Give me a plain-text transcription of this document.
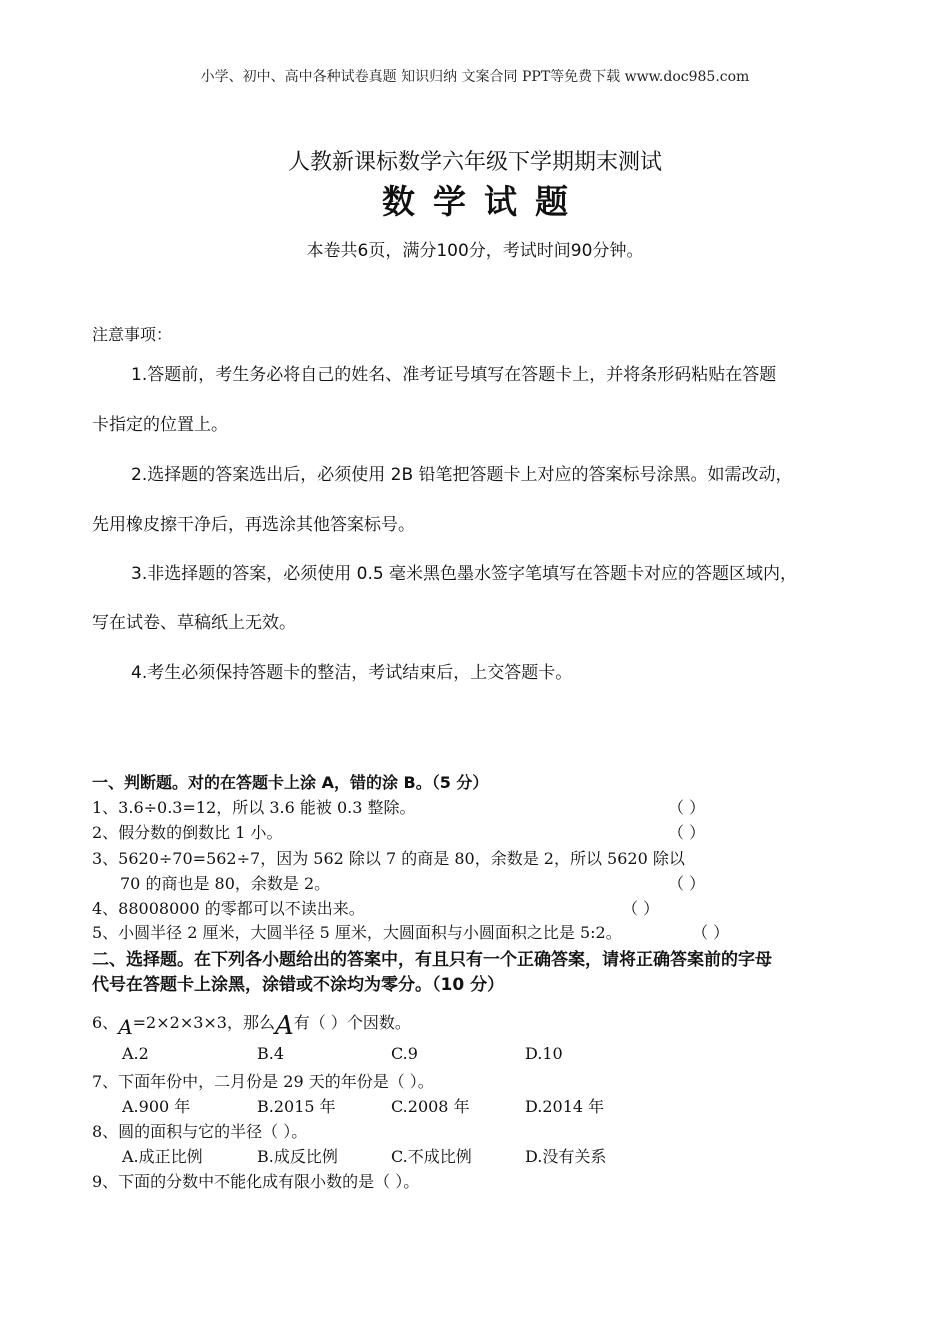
小学、初中、高中各种试卷真题 知识归纳 文案合同 PPT等免费下载 www.doc985.com
人教新课标数学六年级下学期期末测试
数学试题
本卷共6页，满分100分，考试时间90分钟。
注意事项：
1.答题前，考生务必将自己的姓名、准考证号填写在答题卡上，并将条形码粘贴在答题
卡指定的位置上。
2.选择题的答案选出后，必须使用 2B 铅笔把答题卡上对应的答案标号涂黑。如需改动，
先用橡皮擦干净后，再选涂其他答案标号。
3.非选择题的答案，必须使用 0.5 毫米黑色墨水签字笔填写在答题卡对应的答题区域内，
写在试卷、草稿纸上无效。
4.考生必须保持答题卡的整洁，考试结束后，上交答题卡。
一、判断题。对的在答题卡上涂 A，错的涂 B。（5 分）
1、3.6÷0.3=12，所以 3.6 能被 0.3 整除。	（ ）
2、假分数的倒数比 1 小。	（ ）
3、5620÷70=562÷7，因为 562 除以 7 的商是 80，余数是 2，所以 5620 除以
70 的商也是 80，余数是 2。	（ ）
4、88008000 的零都可以不读出来。	（ ）
5、小圆半径 2 厘米，大圆半径 5 厘米，大圆面积与小圆面积之比是 5:2。	（ ）
二、选择题。在下列各小题给出的答案中，有且只有一个正确答案，请将正确答案前的字母
代号在答题卡上涂黑，涂错或不涂均为零分。（10 分）
6、A=2×2×3×3，那么A有（ ）个因数。
A.2	B.4	C.9	D.10
7、下面年份中，二月份是 29 天的年份是（ ）。
A.900 年	B.2015 年	C.2008 年	D.2014 年
8、圆的面积与它的半径（ ）。
A.成正比例	B.成反比例	C.不成比例	D.没有关系
9、下面的分数中不能化成有限小数的是（ ）。
